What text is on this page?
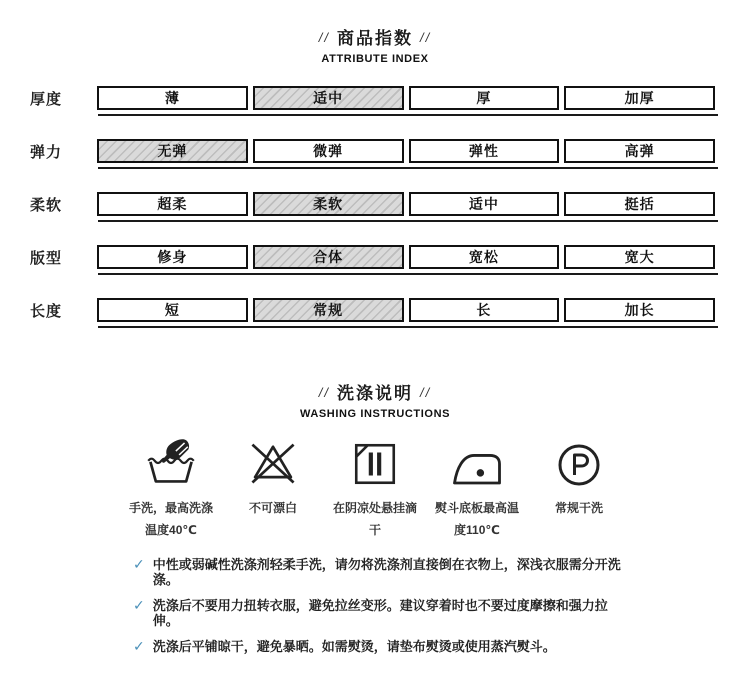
// 商品指数 //
ATTRIBUTE INDEX
厚度	薄	适中	厚	加厚
弹力	无弹	微弹	弹性	高弹
柔软	超柔	柔软	适中	挺括
版型	修身	合体	宽松	宽大
长度	短	常规	长	加长
// 洗涤说明 //
WASHING INSTRUCTIONS
手洗，最高洗涤温度40℃
不可漂白	在阴凉处悬挂滴干
熨斗底板最高温度110℃
常规干洗
✓ 中性或弱碱性洗涤剂轻柔手洗，请勿将洗涤剂直接倒在衣物上，深浅衣服需分开洗涤。
✓ 洗涤后不要用力扭转衣服，避免拉丝变形。建议穿着时也不要过度摩擦和强力拉伸。
✓ 洗涤后平铺晾干，避免暴晒。如需熨烫，请垫布熨烫或使用蒸汽熨斗。
